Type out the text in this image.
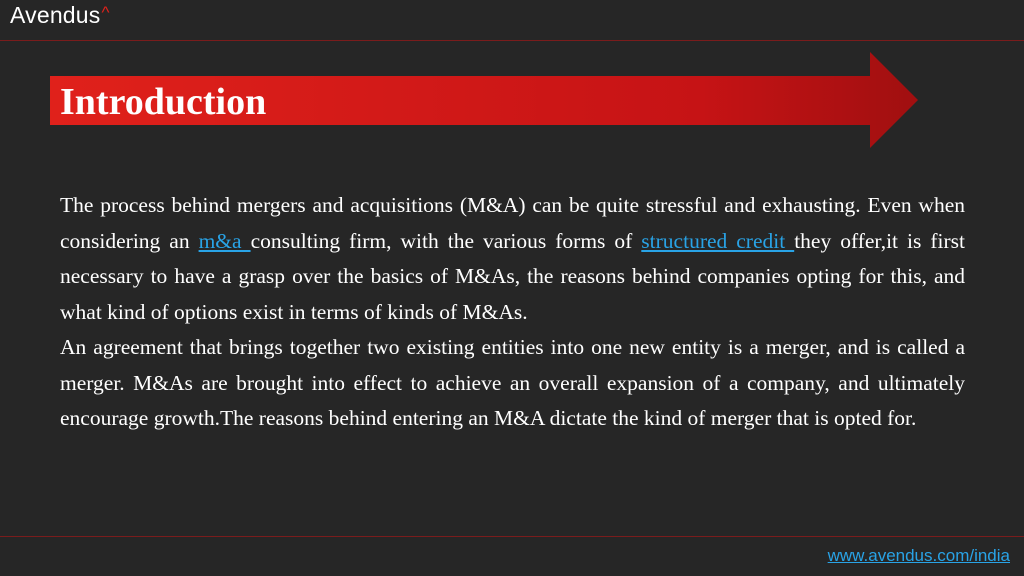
Avendus^
Introduction

The process behind mergers and acquisitions (M&A) can be quite stressful and exhausting. Even when considering an m&a consulting firm, with the various forms of structured credit they offer,it is first necessary to have a grasp over the basics of M&As, the reasons behind companies opting for this, and what kind of options exist in terms of kinds of M&As.

An agreement that brings together two existing entities into one new entity is a merger, and is called a merger. M&As are brought into effect to achieve an overall expansion of a company, and ultimately encourage growth.The reasons behind entering an M&A dictate the kind of merger that is opted for.

www.avendus.com/india
